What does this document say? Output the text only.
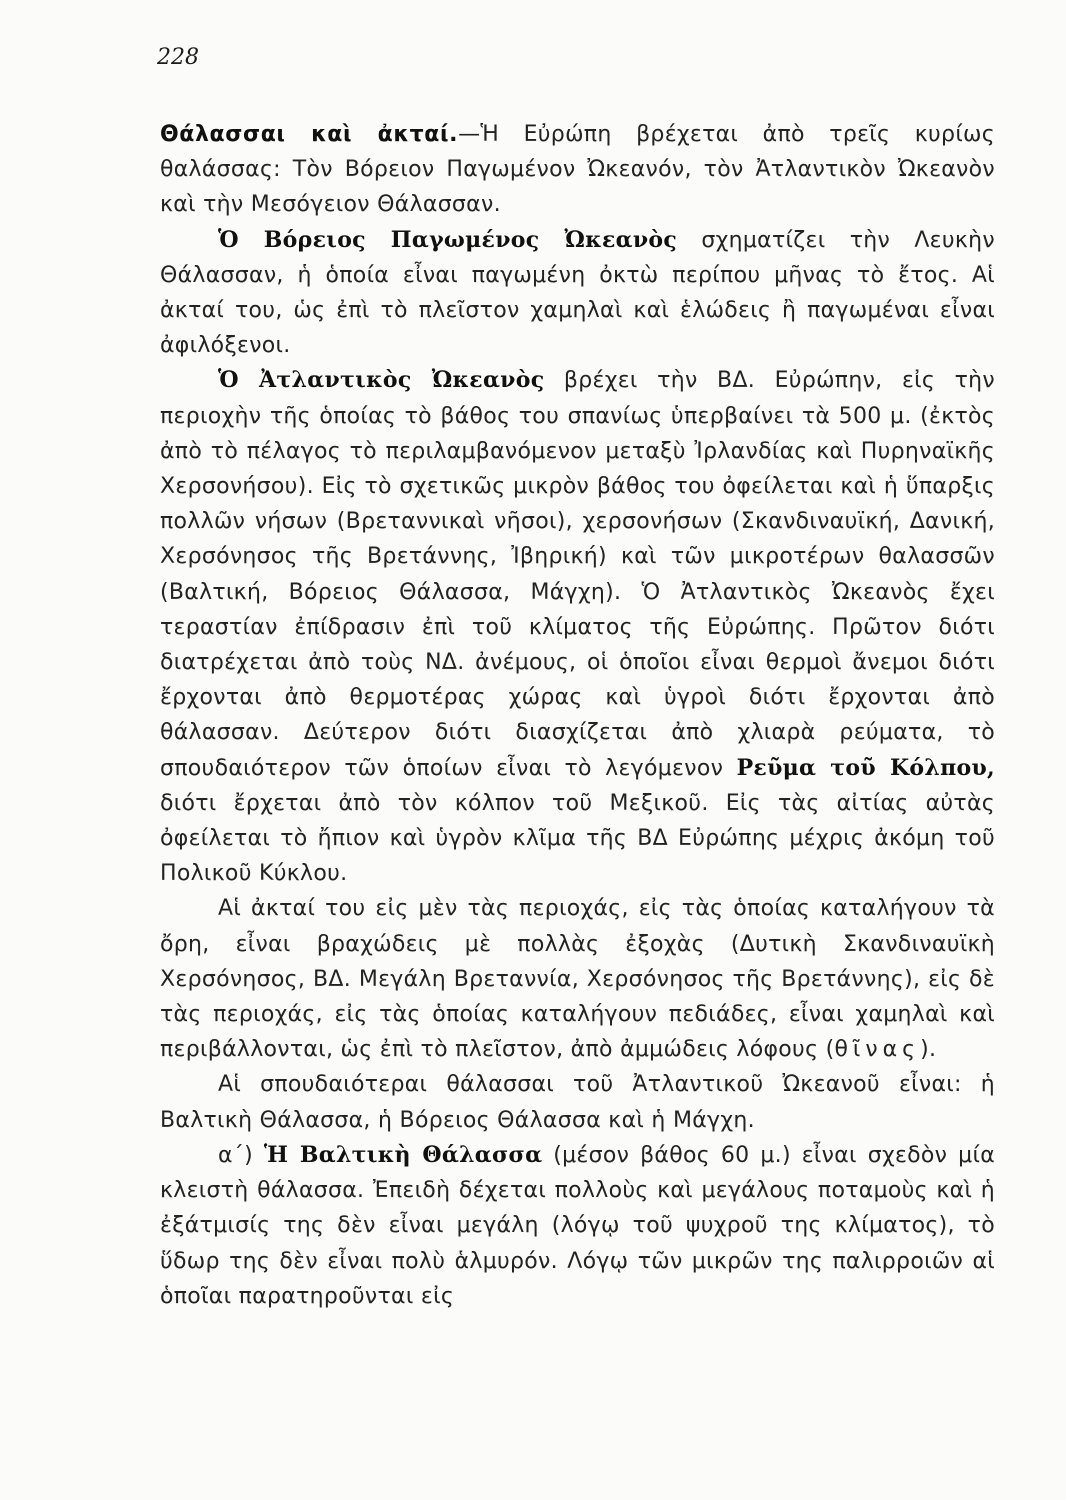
228

Θάλασσαι καὶ ἀκταί.—Ἡ Εὐρώπη βρέχεται ἀπὸ τρεῖς κυρίως θαλάσσας: Τὸν Βόρειον Παγωμένον Ὠκεανόν, τὸν Ἀτλαντικὸν Ὠκεανὸν καὶ τὴν Μεσόγειον Θάλασσαν.

Ὁ Βόρειος Παγωμένος Ὠκεανὸς σχηματίζει τὴν Λευκὴν Θάλασσαν, ἡ ὁποία εἶναι παγωμένη ὀκτὼ περίπου μῆνας τὸ ἔτος. Αἱ ἀκταί του, ὡς ἐπὶ τὸ πλεῖστον χαμηλαὶ καὶ ἑλώδεις ἢ παγωμέναι εἶναι ἀφιλόξενοι.

Ὁ Ἀτλαντικὸς Ὠκεανὸς βρέχει τὴν ΒΔ. Εὐρώπην, εἰς τὴν περιοχὴν τῆς ὁποίας τὸ βάθος του σπανίως ὑπερβαίνει τὰ 500 μ. (ἐκτὸς ἀπὸ τὸ πέλαγος τὸ περιλαμβανόμενον μεταξὺ Ἰρλανδίας καὶ Πυρηναϊκῆς Χερσονήσου). Εἰς τὸ σχετικῶς μικρὸν βάθος του ὀφείλεται καὶ ἡ ὕπαρξις πολλῶν νήσων (Βρεταννικαὶ νῆσοι), χερσονήσων (Σκανδιναυϊκή, Δανική, Χερσόνησος τῆς Βρετάννης, Ἰβηρική) καὶ τῶν μικροτέρων θαλασσῶν (Βαλτική, Βόρειος Θάλασσα, Μάγχη). Ὁ Ἀτλαντικὸς Ὠκεανὸς ἔχει τεραστίαν ἐπίδρασιν ἐπὶ τοῦ κλίματος τῆς Εὐρώπης. Πρῶτον διότι διατρέχεται ἀπὸ τοὺς ΝΔ. ἀνέμους, οἱ ὁποῖοι εἶναι θερμοὶ ἄνεμοι διότι ἔρχονται ἀπὸ θερμοτέρας χώρας καὶ ὑγροὶ διότι ἔρχονται ἀπὸ θάλασσαν. Δεύτερον διότι διασχίζεται ἀπὸ χλιαρὰ ρεύματα, τὸ σπουδαιότερον τῶν ὁποίων εἶναι τὸ λεγόμενον Ρεῦμα τοῦ Κόλπου, διότι ἔρχεται ἀπὸ τὸν κόλπον τοῦ Μεξικοῦ. Εἰς τὰς αἰτίας αὐτὰς ὀφείλεται τὸ ἤπιον καὶ ὑγρὸν κλῖμα τῆς ΒΔ Εὐρώπης μέχρις ἀκόμη τοῦ Πολικοῦ Κύκλου.

Αἱ ἀκταί του εἰς μὲν τὰς περιοχάς, εἰς τὰς ὁποίας καταλήγουν τὰ ὄρη, εἶναι βραχώδεις μὲ πολλὰς ἐξοχὰς (Δυτικὴ Σκανδιναυϊκὴ Χερσόνησος, ΒΔ. Μεγάλη Βρεταννία, Χερσόνησος τῆς Βρετάννης), εἰς δὲ τὰς περιοχάς, εἰς τὰς ὁποίας καταλήγουν πεδιάδες, εἶναι χαμηλαὶ καὶ περιβάλλονται, ὡς ἐπὶ τὸ πλεῖστον, ἀπὸ ἀμμώδεις λόφους (θῖνας).

Αἱ σπουδαιότεραι θάλασσαι τοῦ Ἀτλαντικοῦ Ὠκεανοῦ εἶναι: ἡ Βαλτικὴ Θάλασσα, ἡ Βόρειος Θάλασσα καὶ ἡ Μάγχη.

α΄) Ἡ Βαλτικὴ Θάλασσα (μέσον βάθος 60 μ.) εἶναι σχεδὸν μία κλειστὴ θάλασσα. Ἐπειδὴ δέχεται πολλοὺς καὶ μεγάλους ποταμοὺς καὶ ἡ ἐξάτμισίς της δὲν εἶναι μεγάλη (λόγῳ τοῦ ψυχροῦ της κλίματος), τὸ ὕδωρ της δὲν εἶναι πολὺ ἁλμυρόν. Λόγῳ τῶν μικρῶν της παλιρροιῶν αἱ ὁποῖαι παρατηροῦνται εἰς
